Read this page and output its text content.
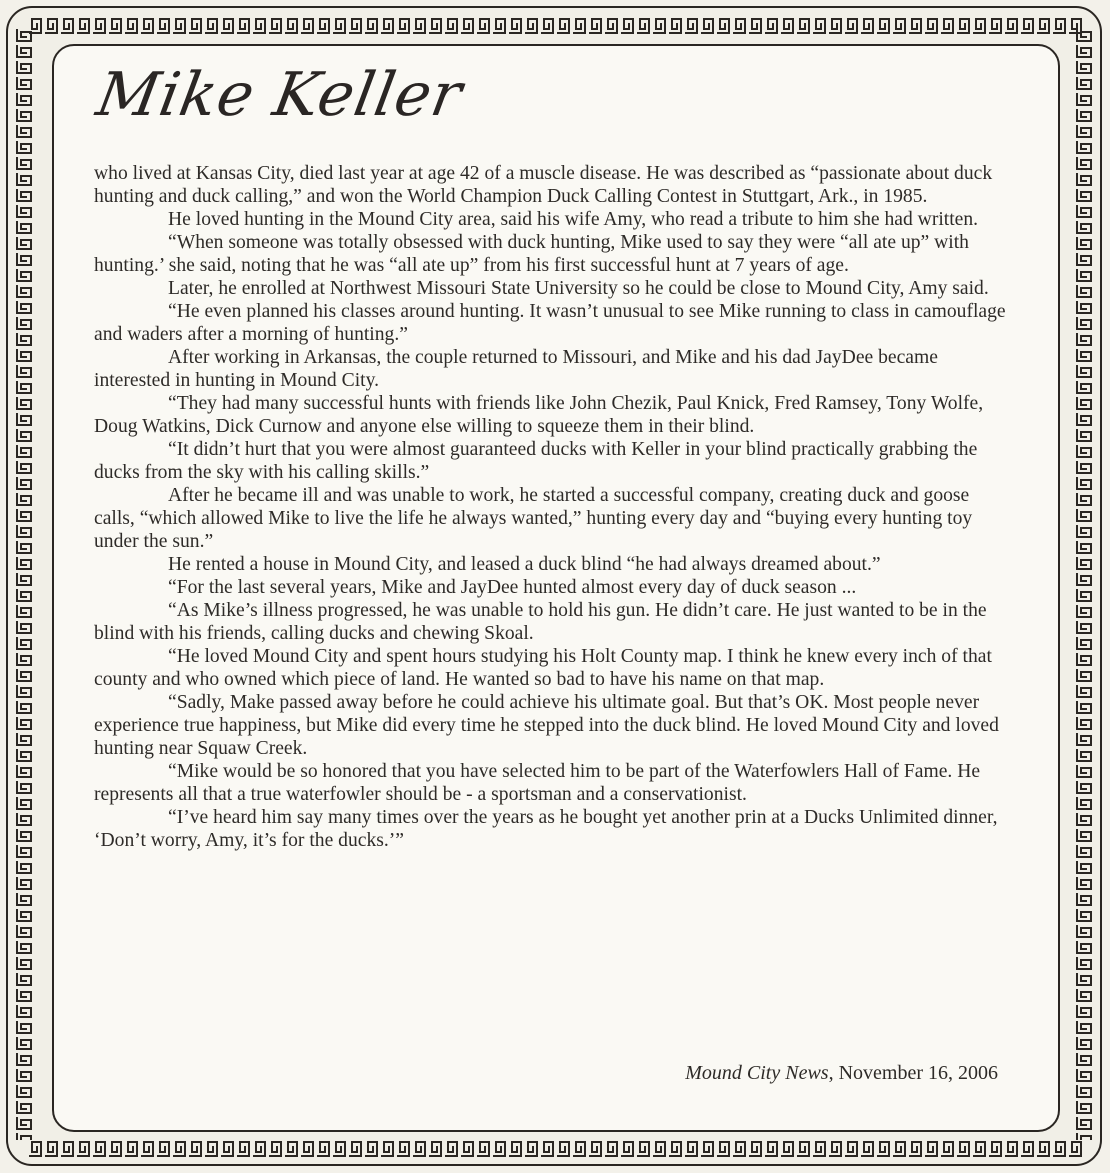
Mike Keller

who lived at Kansas City, died last year at age 42 of a muscle disease. He was described as “passionate about duck hunting and duck calling,” and won the World Champion Duck Calling Contest in Stuttgart, Ark., in 1985.

He loved hunting in the Mound City area, said his wife Amy, who read a tribute to him she had written.

“When someone was totally obsessed with duck hunting, Mike used to say they were “all ate up” with hunting.’ she said, noting that he was “all ate up” from his first successful hunt at 7 years of age.

Later, he enrolled at Northwest Missouri State University so he could be close to Mound City, Amy said.

“He even planned his classes around hunting. It wasn’t unusual to see Mike running to class in camouflage and waders after a morning of hunting.”

After working in Arkansas, the couple returned to Missouri, and Mike and his dad JayDee became interested in hunting in Mound City.

“They had many successful hunts with friends like John Chezik, Paul Knick, Fred Ramsey, Tony Wolfe, Doug Watkins, Dick Curnow and anyone else willing to squeeze them in their blind.

“It didn’t hurt that you were almost guaranteed ducks with Keller in your blind practically grabbing the ducks from the sky with his calling skills.”

After he became ill and was unable to work, he started a successful company, creating duck and goose calls, “which allowed Mike to live the life he always wanted,” hunting every day and “buying every hunting toy under the sun.”

He rented a house in Mound City, and leased a duck blind “he had always dreamed about.”

“For the last several years, Mike and JayDee hunted almost every day of duck season ...

“As Mike’s illness progressed, he was unable to hold his gun. He didn’t care. He just wanted to be in the blind with his friends, calling ducks and chewing Skoal.

“He loved Mound City and spent hours studying his Holt County map. I think he knew every inch of that county and who owned which piece of land. He wanted so bad to have his name on that map.

“Sadly, Make passed away before he could achieve his ultimate goal. But that’s OK. Most people never experience true happiness, but Mike did every time he stepped into the duck blind. He loved Mound City and loved hunting near Squaw Creek.

“Mike would be so honored that you have selected him to be part of the Waterfowlers Hall of Fame. He represents all that a true waterfowler should be - a sportsman and a conservationist.

“I’ve heard him say many times over the years as he bought yet another prin at a Ducks Unlimited dinner, ‘Don’t worry, Amy, it’s for the ducks.’”

Mound City News, November 16, 2006
